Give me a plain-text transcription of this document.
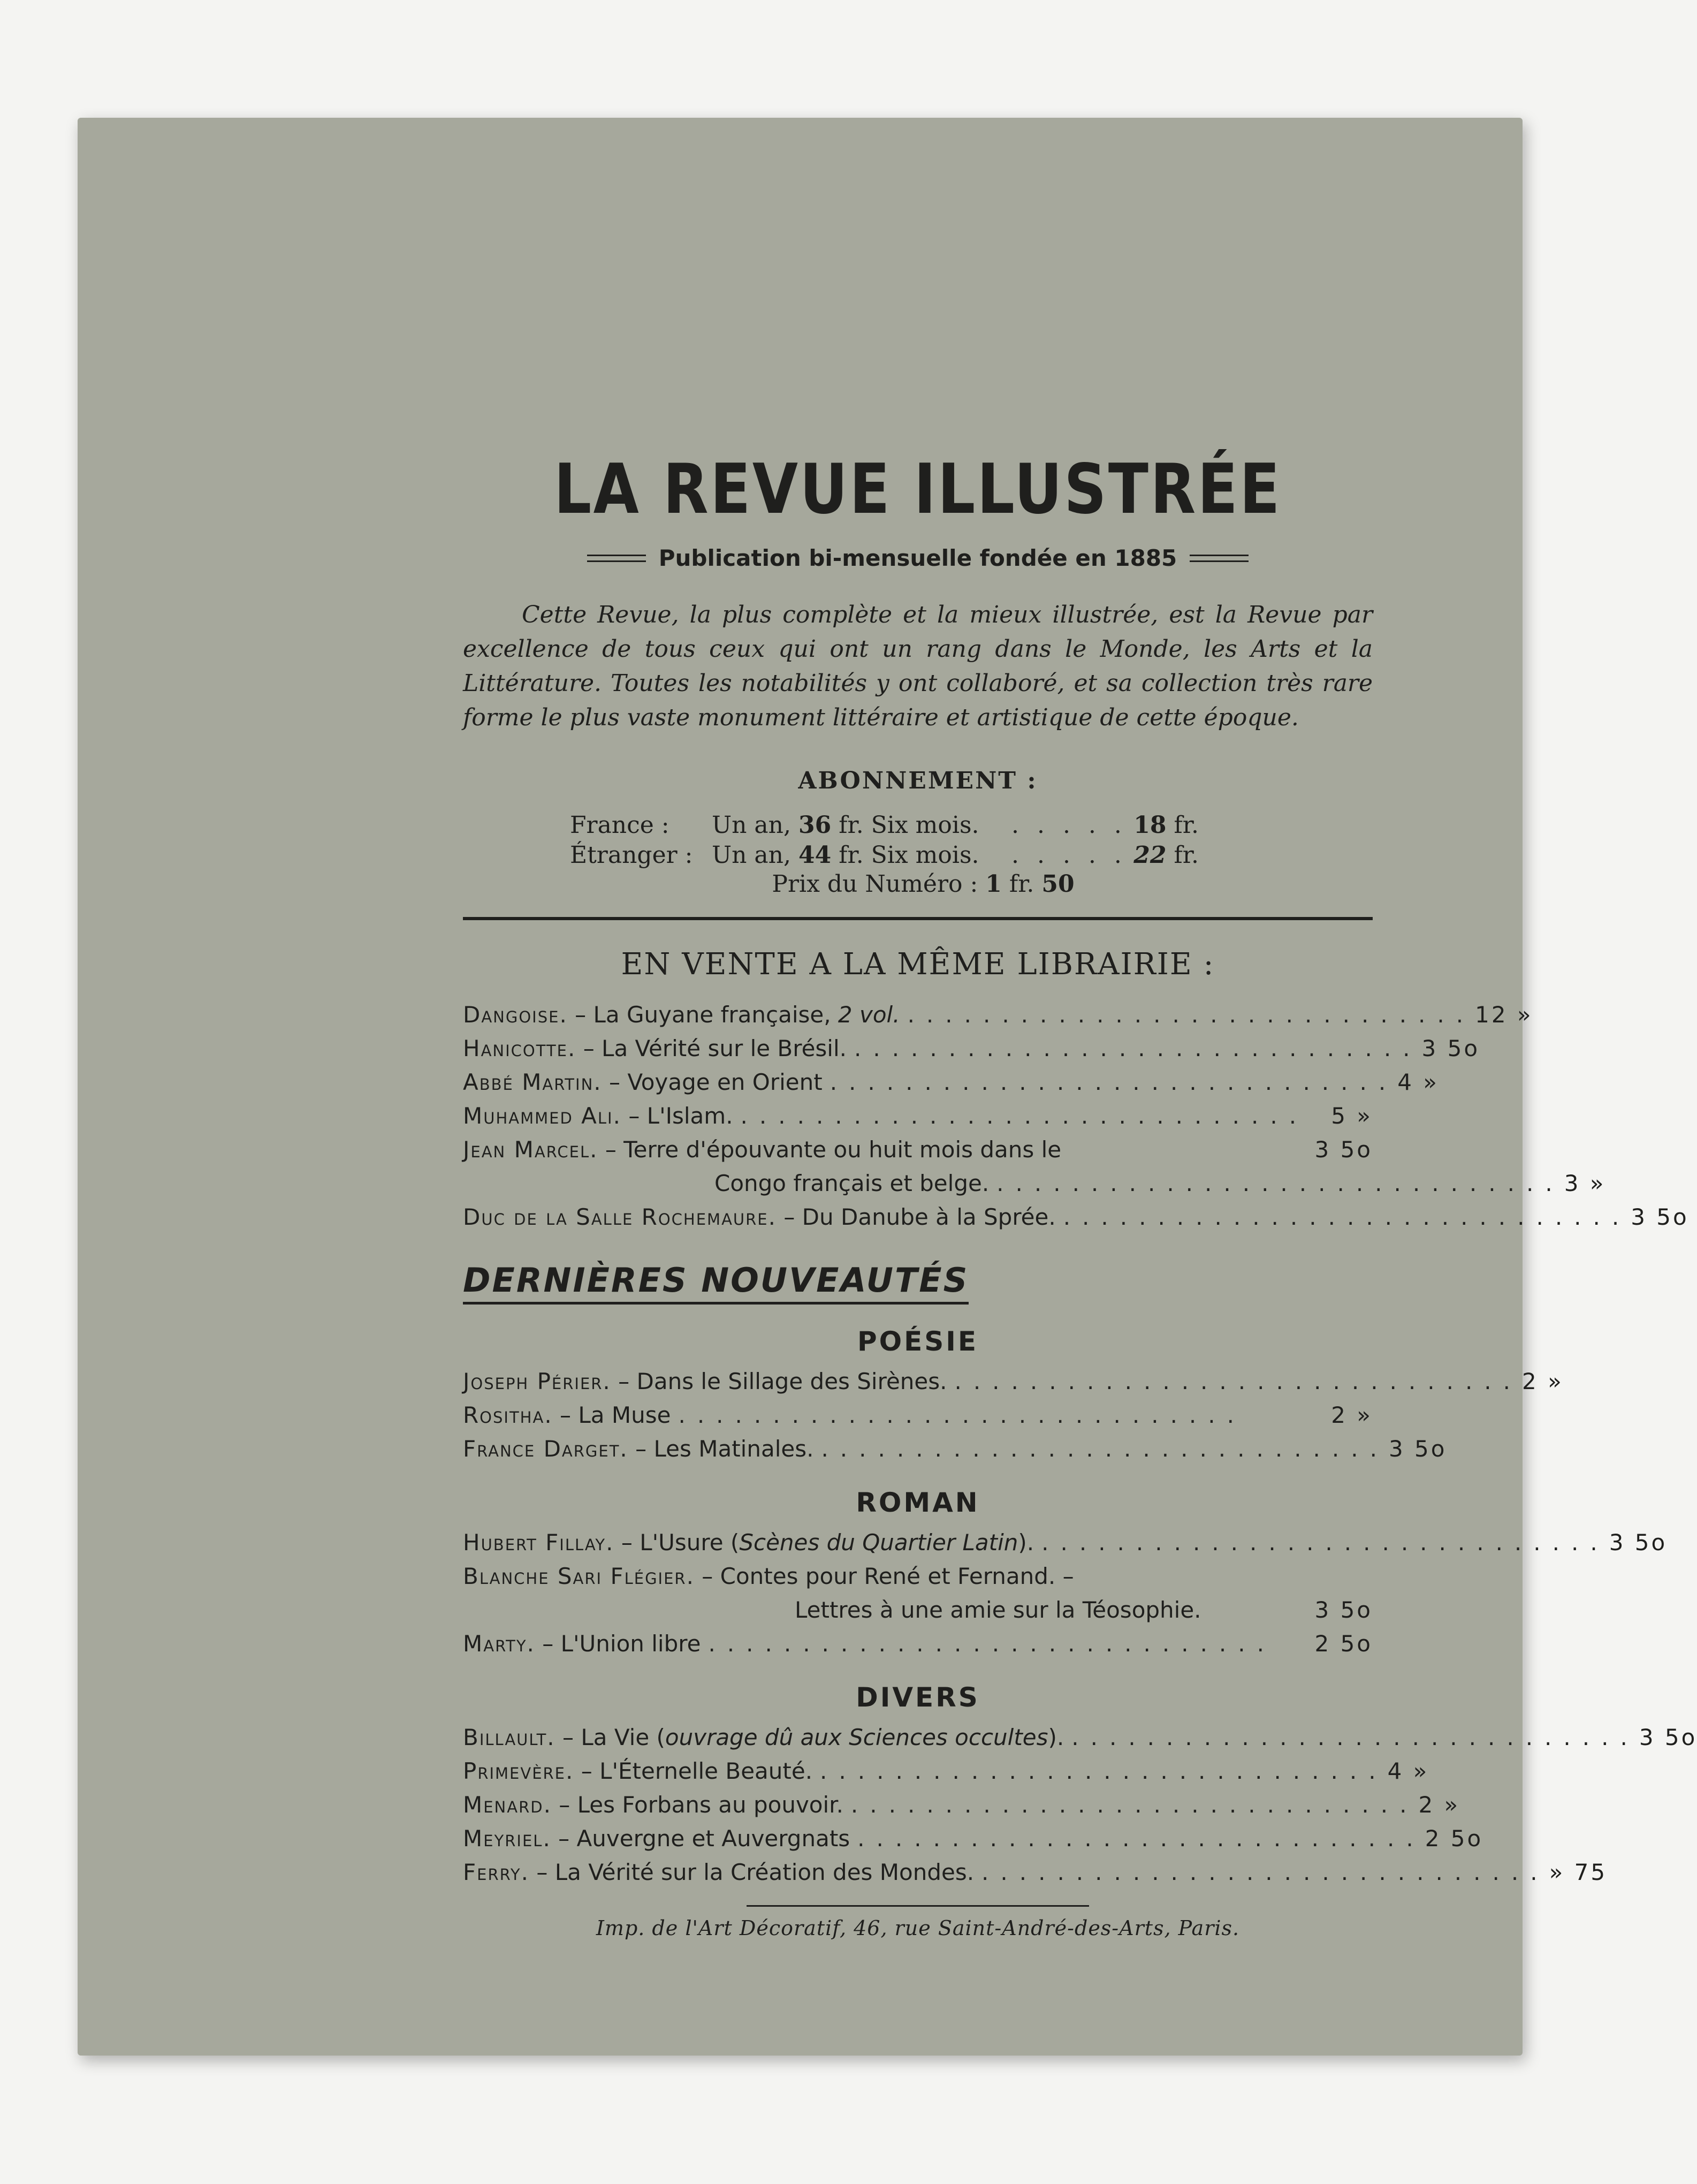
LA REVUE ILLUSTRÉE
Publication bi-mensuelle fondée en 1885
Cette Revue, la plus complète et la mieux illustrée, est la Revue par excellence de tous ceux qui ont un rang dans le Monde, les Arts et la Littérature. Toutes les notabilités y ont collaboré, et sa collection très rare forme le plus vaste monument littéraire et artistique de cette époque.
ABONNEMENT :
France :	Un an, 36 fr. Six mois.	. . . . . 18 fr.
Étranger : Un an, 44 fr. Six mois.	. . . . . 22 fr.
Prix du Numéro : 1 fr. 50
EN VENTE A LA MÊME LIBRAIRIE :
Dangoise. – La Guyane française, 2 vol. .............................. 12 »
Hanicotte. – La Vérité sur le Brésil. .............................. 3 5o
Abbé Martin. – Voyage en Orient .............................. 4 »
Muhammed Ali. – L'Islam. ..............................	5 »
Jean Marcel. – Terre d'épouvante ou huit mois dans le	3 5o
Congo français et belge. .............................. 3 »
Duc de la Salle Rochemaure. – Du Danube à la Sprée. .............................. 3 5o
DERNIÈRES NOUVEAUTÉS
POÉSIE
Joseph Périer. – Dans le Sillage des Sirènes. .............................. 2 »
Rositha. – La Muse ..............................	2 »
France Darget. – Les Matinales. .............................. 3 5o
ROMAN
Hubert Fillay. – L'Usure (Scènes du Quartier Latin). .............................. 3 5o
Blanche Sari Flégier. – Contes pour René et Fernand. –
Lettres à une amie sur la Téosophie.	3 5o
Marty. – L'Union libre ..............................	2 5o
DIVERS
Billault. – La Vie (ouvrage dû aux Sciences occultes). .............................. 3 5o
Primevère. – L'Éternelle Beauté. .............................. 4 »
Menard. – Les Forbans au pouvoir. .............................. 2 »
Meyriel. – Auvergne et Auvergnats .............................. 2 5o
Ferry. – La Vérité sur la Création des Mondes. .............................. » 75
Imp. de l'Art Décoratif, 46, rue Saint-André-des-Arts, Paris.
